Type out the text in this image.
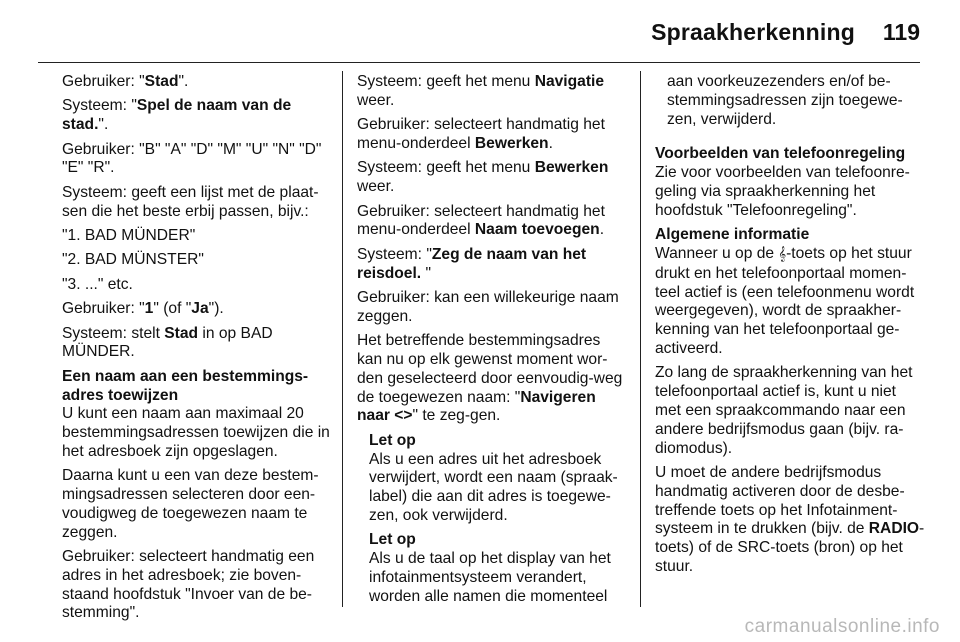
Spraakherkenning 119

Gebruiker: "Stad".

Systeem: "Spel de naam van de stad.".

Gebruiker: "B" "A" "D" "M" "U" "N" "D" "E" "R".

Systeem: geeft een lijst met de plaat‐sen die het beste erbij passen, bijv.:

"1. BAD MÜNDER"

"2. BAD MÜNSTER"

"3. ..." etc.

Gebruiker: "1" (of "Ja").

Systeem: stelt Stad in op BAD MÜNDER.

Een naam aan een bestemmings‐adres toewijzen

U kunt een naam aan maximaal 20 bestemmingsadressen toewijzen die in het adresboek zijn opgeslagen.

Daarna kunt u een van deze bestem‐mingsadressen selecteren door een‐voudigweg de toegewezen naam te zeggen.

Gebruiker: selecteert handmatig een adres in het adresboek; zie boven‐staand hoofdstuk "Invoer van de be‐stemming".

Systeem: geeft het menu Navigatie weer.

Gebruiker: selecteert handmatig het menu-onderdeel Bewerken.

Systeem: geeft het menu Bewerken weer.

Gebruiker: selecteert handmatig het menu-onderdeel Naam toevoegen.

Systeem: "Zeg de naam van het reisdoel. "

Gebruiker: kan een willekeurige naam zeggen.

Het betreffende bestemmingsadres kan nu op elk gewenst moment wor‐den geselecteerd door eenvoudig‐weg de toegewezen naam: "Navigeren naar <>" te zeg‐gen.

Let op

Als u een adres uit het adresboek verwijdert, wordt een naam (spraak‐label) die aan dit adres is toegewe‐zen, ook verwijderd.

Let op

Als u de taal op het display van het infotainmentsysteem verandert, worden alle namen die momenteel

aan voorkeuzezenders en/of be‐stemmingsadressen zijn toegewe‐zen, verwijderd.

Voorbeelden van telefoonregeling

Zie voor voorbeelden van telefoonre‐geling via spraakherkenning het hoofdstuk "Telefoonregeling".

Algemene informatie

Wanneer u op de 𝄞-toets op het stuur drukt en het telefoonportaal momen‐teel actief is (een telefoonmenu wordt weergegeven), wordt de spraakher‐kenning van het telefoonportaal ge‐activeerd.

Zo lang de spraakherkenning van het telefoonportaal actief is, kunt u niet met een spraakcommando naar een andere bedrijfsmodus gaan (bijv. ra‐diomodus).

U moet de andere bedrijfsmodus handmatig activeren door de desbe‐treffende toets op het Infotainment‐systeem in te drukken (bijv. de RADIO-toets) of de SRC-toets (bron) op het stuur.

carmanualsonline.info
